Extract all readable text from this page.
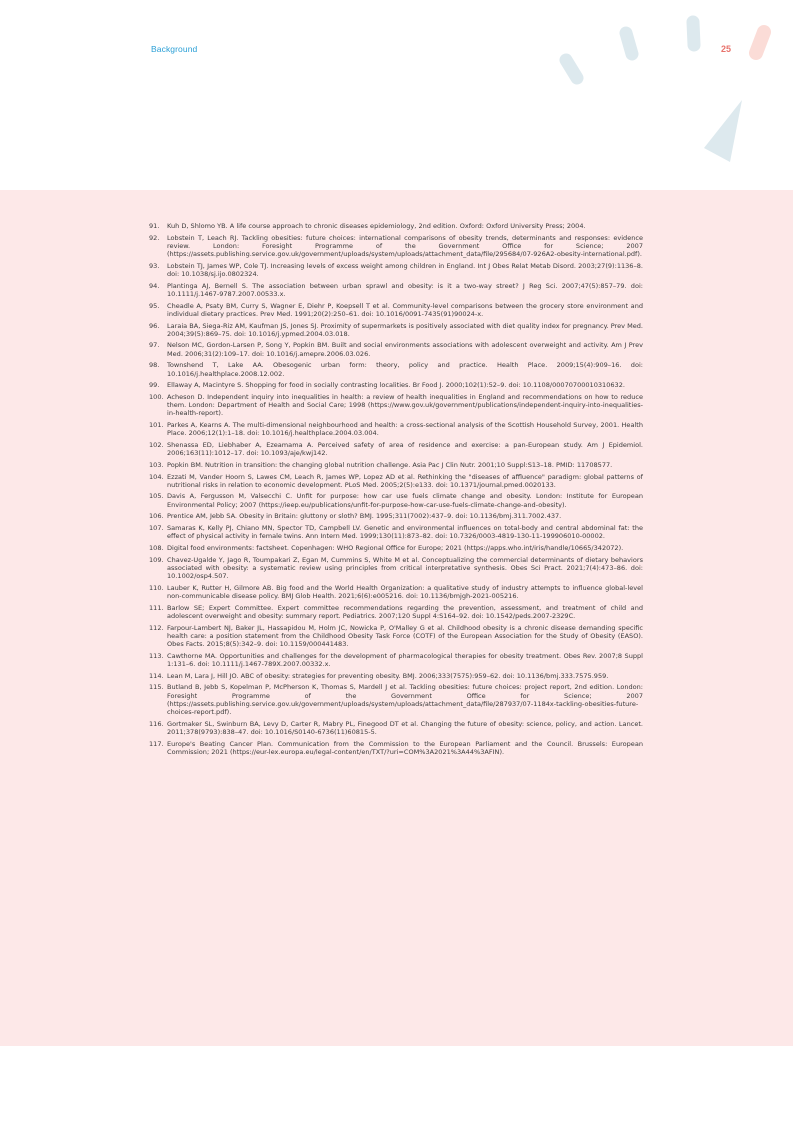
Background	25
91.	Kuh D, Shlomo YB. A life course approach to chronic diseases epidemiology, 2nd edition. Oxford: Oxford University Press; 2004.
92.	Lobstein T, Leach RJ. Tackling obesities: future choices: international comparisons of obesity trends, determinants and responses: evidence review. London: Foresight Programme of the Government Office for Science; 2007 (https://assets.publishing.service.gov.uk/government/uploads/system/uploads/attachment_data/file/295684/07-926A2-obesity-international.pdf).
93.	Lobstein TJ, James WP, Cole TJ. Increasing levels of excess weight among children in England. Int J Obes Relat Metab Disord. 2003;27(9):1136–8. doi: 10.1038/sj.ijo.0802324.
94.	Plantinga AJ, Bernell S. The association between urban sprawl and obesity: is it a two-way street? J Reg Sci. 2007;47(5):857–79. doi: 10.1111/j.1467-9787.2007.00533.x.
95.	Cheadle A, Psaty BM, Curry S, Wagner E, Diehr P, Koepsell T et al. Community-level comparisons between the grocery store environment and individual dietary practices. Prev Med. 1991;20(2):250–61. doi: 10.1016/0091-7435(91)90024-x.
96.	Laraia BA, Siega-Riz AM, Kaufman JS, Jones SJ. Proximity of supermarkets is positively associated with diet quality index for pregnancy. Prev Med. 2004;39(5):869–75. doi: 10.1016/j.ypmed.2004.03.018.
97.	Nelson MC, Gordon-Larsen P, Song Y, Popkin BM. Built and social environments associations with adolescent overweight and activity. Am J Prev Med. 2006;31(2):109–17. doi: 10.1016/j.amepre.2006.03.026.
98.	Townshend T, Lake AA. Obesogenic urban form: theory, policy and practice. Health Place. 2009;15(4):909–16. doi: 10.1016/j.healthplace.2008.12.002.
99.	Ellaway A, Macintyre S. Shopping for food in socially contrasting localities. Br Food J. 2000;102(1):52–9. doi: 10.1108/00070700010310632.
100. Acheson D. Independent inquiry into inequalities in health: a review of health inequalities in England and recommendations on how to reduce them. London: Department of Health and Social Care; 1998 (https://www.gov.uk/government/publications/independent-inquiry-into-inequalities-in-health-report).
101. Parkes A, Kearns A. The multi-dimensional neighbourhood and health: a cross-sectional analysis of the Scottish Household Survey, 2001. Health Place. 2006;12(1):1–18. doi: 10.1016/j.healthplace.2004.03.004.
102. Shenassa ED, Liebhaber A, Ezeamama A. Perceived safety of area of residence and exercise: a pan-European study. Am J Epidemiol. 2006;163(11):1012–17. doi: 10.1093/aje/kwj142.
103. Popkin BM. Nutrition in transition: the changing global nutrition challenge. Asia Pac J Clin Nutr. 2001;10 Suppl:S13–18. PMID: 11708577.
104. Ezzati M, Vander Hoorn S, Lawes CM, Leach R, James WP, Lopez AD et al. Rethinking the "diseases of affluence" paradigm: global patterns of nutritional risks in relation to economic development. PLoS Med. 2005;2(5):e133. doi: 10.1371/journal.pmed.0020133.
105. Davis A, Fergusson M, Valsecchi C. Unfit for purpose: how car use fuels climate change and obesity. London: Institute for European Environmental Policy; 2007 (https://ieep.eu/publications/unfit-for-purpose-how-car-use-fuels-climate-change-and-obesity).
106. Prentice AM, Jebb SA. Obesity in Britain: gluttony or sloth? BMJ. 1995;311(7002):437–9. doi: 10.1136/bmj.311.7002.437.
107. Samaras K, Kelly PJ, Chiano MN, Spector TD, Campbell LV. Genetic and environmental influences on total-body and central abdominal fat: the effect of physical activity in female twins. Ann Intern Med. 1999;130(11):873–82. doi: 10.7326/0003-4819-130-11-199906010-00002.
108. Digital food environments: factsheet. Copenhagen: WHO Regional Office for Europe; 2021 (https://apps.who.int/iris/handle/10665/342072).
109. Chavez-Ugalde Y, Jago R, Toumpakari Z, Egan M, Cummins S, White M et al. Conceptualizing the commercial determinants of dietary behaviors associated with obesity: a systematic review using principles from critical interpretative synthesis. Obes Sci Pract. 2021;7(4):473–86. doi: 10.1002/osp4.507.
110. Lauber K, Rutter H, Gilmore AB. Big food and the World Health Organization: a qualitative study of industry attempts to influence global-level non-communicable disease policy. BMJ Glob Health. 2021;6(6):e005216. doi: 10.1136/bmjgh-2021-005216.
111. Barlow SE; Expert Committee. Expert committee recommendations regarding the prevention, assessment, and treatment of child and adolescent overweight and obesity: summary report. Pediatrics. 2007;120 Suppl 4:S164–92. doi: 10.1542/peds.2007-2329C.
112. Farpour-Lambert NJ, Baker JL, Hassapidou M, Holm JC, Nowicka P, O'Malley G et al. Childhood obesity is a chronic disease demanding specific health care: a position statement from the Childhood Obesity Task Force (COTF) of the European Association for the Study of Obesity (EASO). Obes Facts. 2015;8(5):342–9. doi: 10.1159/000441483.
113. Cawthorne MA. Opportunities and challenges for the development of pharmacological therapies for obesity treatment. Obes Rev. 2007;8 Suppl 1:131–6. doi: 10.1111/j.1467-789X.2007.00332.x.
114. Lean M, Lara J, Hill JO. ABC of obesity: strategies for preventing obesity. BMJ. 2006;333(7575):959–62. doi: 10.1136/bmj.333.7575.959.
115. Butland B, Jebb S, Kopelman P, McPherson K, Thomas S, Mardell J et al. Tackling obesities: future choices: project report, 2nd edition. London: Foresight Programme of the Government Office for Science; 2007 (https://assets.publishing.service.gov.uk/government/uploads/system/uploads/attachment_data/file/287937/07-1184x-tackling-obesities-future-choices-report.pdf).
116. Gortmaker SL, Swinburn BA, Levy D, Carter R, Mabry PL, Finegood DT et al. Changing the future of obesity: science, policy, and action. Lancet. 2011;378(9793):838–47. doi: 10.1016/S0140-6736(11)60815-5.
117. Europe's Beating Cancer Plan. Communication from the Commission to the European Parliament and the Council. Brussels: European Commission; 2021 (https://eur-lex.europa.eu/legal-content/en/TXT/?uri=COM%3A2021%3A44%3AFIN).
